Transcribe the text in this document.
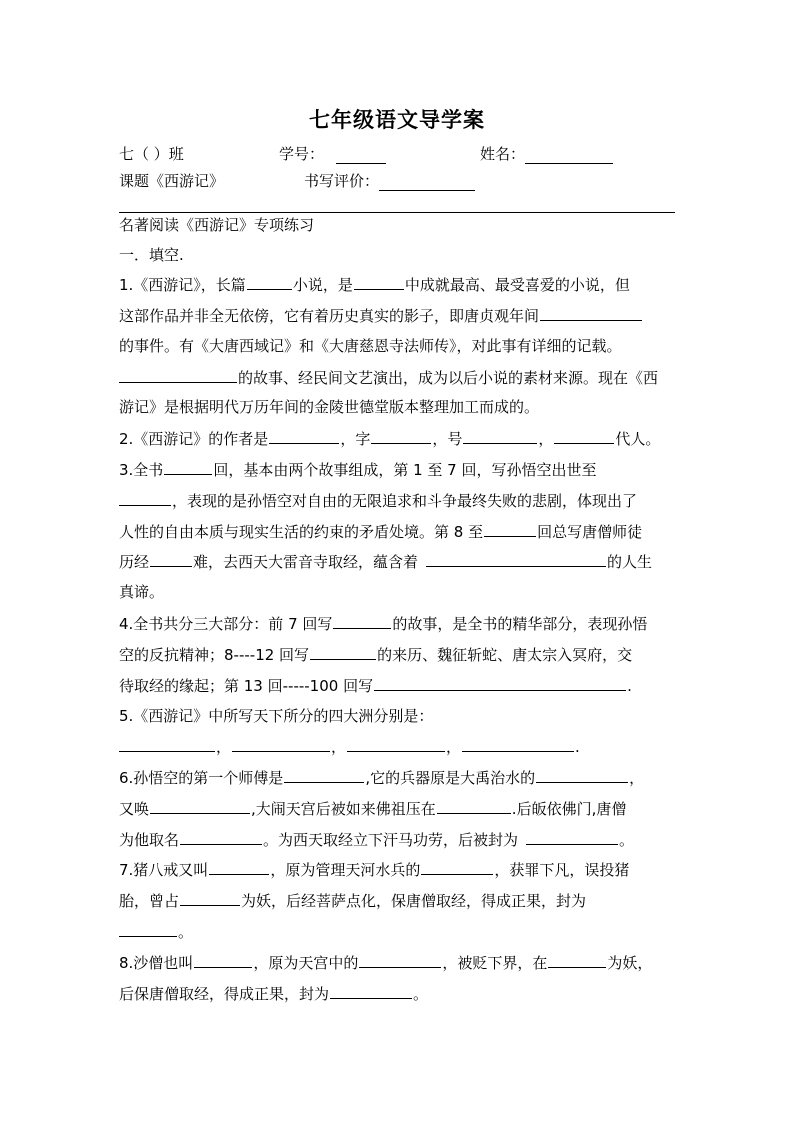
七年级语文导学案
七（ ）班	学号：	姓名：
课题《西游记》	书写评价：
名著阅读《西游记》专项练习
一．填空.
1.《西游记》，长篇	小说，是	中成就最高、最受喜爱的小说，但
这部作品并非全无依傍，它有着历史真实的影子，即唐贞观年间
的事件。有《大唐西域记》和《大唐慈恩寺法师传》，对此事有详细的记载。
的故事、经民间文艺演出，成为以后小说的素材来源。现在《西
游记》是根据明代万历年间的金陵世德堂版本整理加工而成的。
2.《西游记》的作者是	，字	，号	，	代人。
3.全书	回，基本由两个故事组成，第 1 至 7 回，写孙悟空出世至
，表现的是孙悟空对自由的无限追求和斗争最终失败的悲剧，体现出了
人性的自由本质与现实生活的约束的矛盾处境。第 8 至	回总写唐僧师徒
历经	难，去西天大雷音寺取经，蕴含着	的人生
真谛。
4.全书共分三大部分：前 7 回写	的故事，是全书的精华部分，表现孙悟
空的反抗精神；8----12 回写	的来历、魏征斩蛇、唐太宗入冥府，交
待取经的缘起；第 13 回-----100 回写	.
5.《西游记》中所写天下所分的四大洲分别是：
，	，	，	.
6.孙悟空的第一个师傅是	,它的兵器原是大禹治水的	，
又唤	,大闹天宫后被如来佛祖压在	.后皈依佛门,唐僧
为他取名	。为西天取经立下汗马功劳，后被封为	。
7.猪八戒又叫	，原为管理天河水兵的	，获罪下凡，误投猪
胎，曾占	为妖，后经菩萨点化，保唐僧取经，得成正果，封为
。
8.沙僧也叫	，原为天宫中的	，被贬下界，在	为妖，
后保唐僧取经，得成正果，封为	。
